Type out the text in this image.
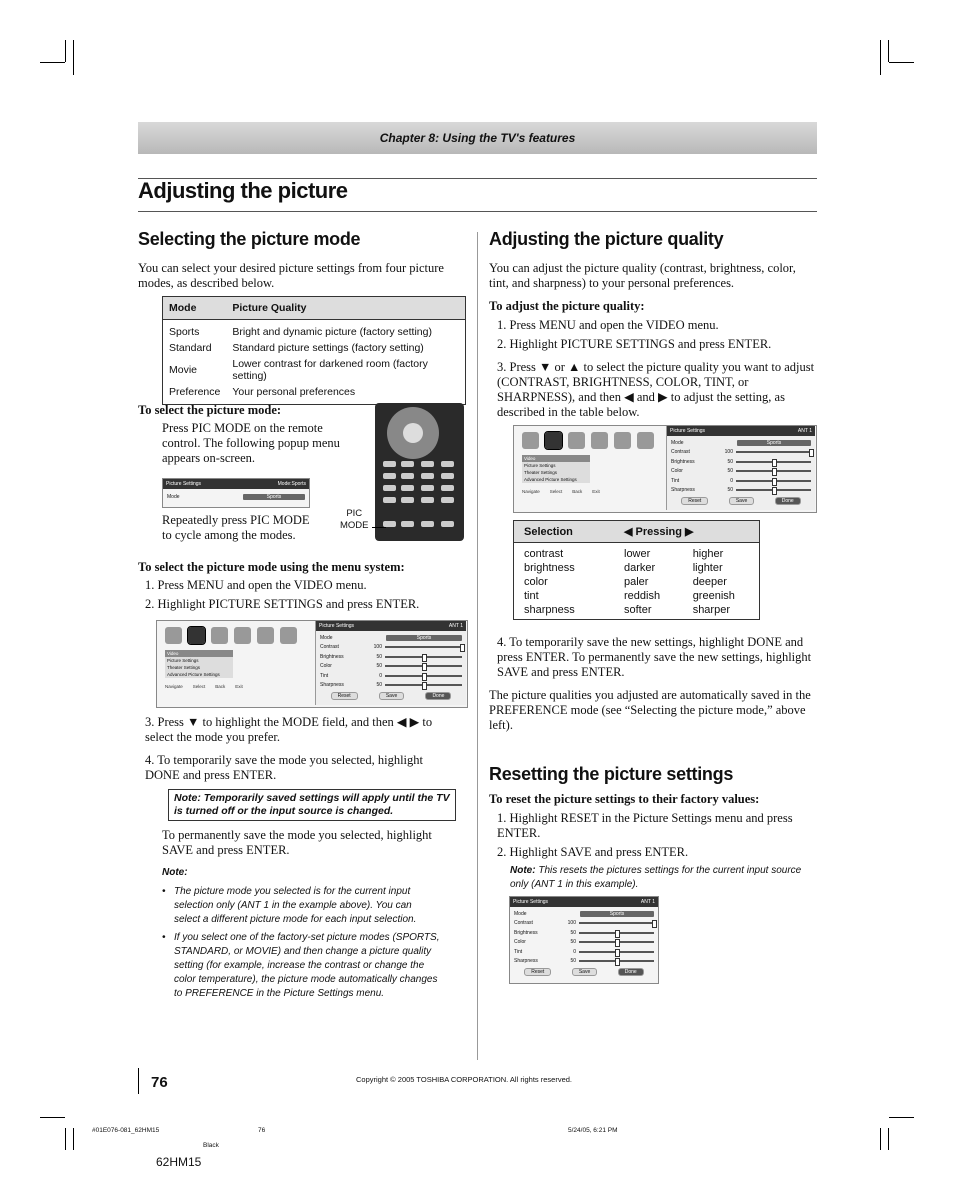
Chapter 8: Using the TV's features
Adjusting the picture
Selecting the picture mode

You can select your desired picture settings from four picture modes, as described below.

Mode	Picture Quality
Sports	Bright and dynamic picture (factory setting)
Standard	Standard picture settings (factory setting)
Movie	Lower contrast for darkened room (factory setting)
Preference	Your personal preferences

To select the picture mode:

Press PIC MODE on the remote control. The following popup menu appears on-screen.

Picture Settings	Mode:Sports
Mode	Sports

Repeatedly press PIC MODE to cycle among the modes.

PIC
MODE

To select the picture mode using the menu system:

1. Press MENU and open the VIDEO menu.

2. Highlight PICTURE SETTINGS and press ENTER.

Video
Picture Settings
Theater Settings
Advanced Picture Settings
Navigate Select Back Exit
Picture Settings	ANT 1
Mode	Sports
Contrast	100
Brightness	50
Color	50
Tint	0
Sharpness	50
Reset	Save	Done

3. Press ▼ to highlight the MODE field, and then ◀ ▶ to select the mode you prefer.

4. To temporarily save the mode you selected, highlight DONE and press ENTER.

Note: Temporarily saved settings will apply until the TV is turned off or the input source is changed.

To permanently save the mode you selected, highlight SAVE and press ENTER.

Note:

• The picture mode you selected is for the current input selection only (ANT 1 in the example above). You can select a different picture mode for each input selection.

• If you select one of the factory-set picture modes (SPORTS, STANDARD, or MOVIE) and then change a picture quality setting (for example, increase the contrast or change the color temperature), the picture mode automatically changes to PREFERENCE in the Picture Settings menu.

Adjusting the picture quality

You can adjust the picture quality (contrast, brightness, color, tint, and sharpness) to your personal preferences.

To adjust the picture quality:

1. Press MENU and open the VIDEO menu.

2. Highlight PICTURE SETTINGS and press ENTER.

3. Press ▼ or ▲ to select the picture quality you want to adjust (CONTRAST, BRIGHTNESS, COLOR, TINT, or SHARPNESS), and then ◀ and ▶ to adjust the setting, as described in the table below.

Video
Picture Settings
Theater Settings
Advanced Picture Settings
Navigate Select Back Exit
Picture Settings	ANT 1
Mode	Sports
Contrast	100
Brightness	50
Color	50
Tint	0
Sharpness	50
Reset	Save	Done
Selection	◀ Pressing ▶	
contrast	lower	higher
brightness	darker	lighter
color	paler	deeper
tint	reddish	greenish
sharpness	softer	sharper

4. To temporarily save the new settings, highlight DONE and press ENTER. To permanently save the new settings, highlight SAVE and press ENTER.

The picture qualities you adjusted are automatically saved in the PREFERENCE mode (see “Selecting the picture mode,” above left).

Resetting the picture settings

To reset the picture settings to their factory values:

1. Highlight RESET in the Picture Settings menu and press ENTER.

2. Highlight SAVE and press ENTER.

Note: This resets the pictures settings for the current input source only (ANT 1 in this example).

Picture Settings	ANT 1
Mode	Sports
Contrast	100
Brightness	50
Color	50
Tint	0
Sharpness	50
Reset	Save	Done
76	Copyright © 2005 TOSHIBA CORPORATION. All rights reserved.
#01E076-081_62HM15	76	5/24/05, 6:21 PM
Black
62HM15
